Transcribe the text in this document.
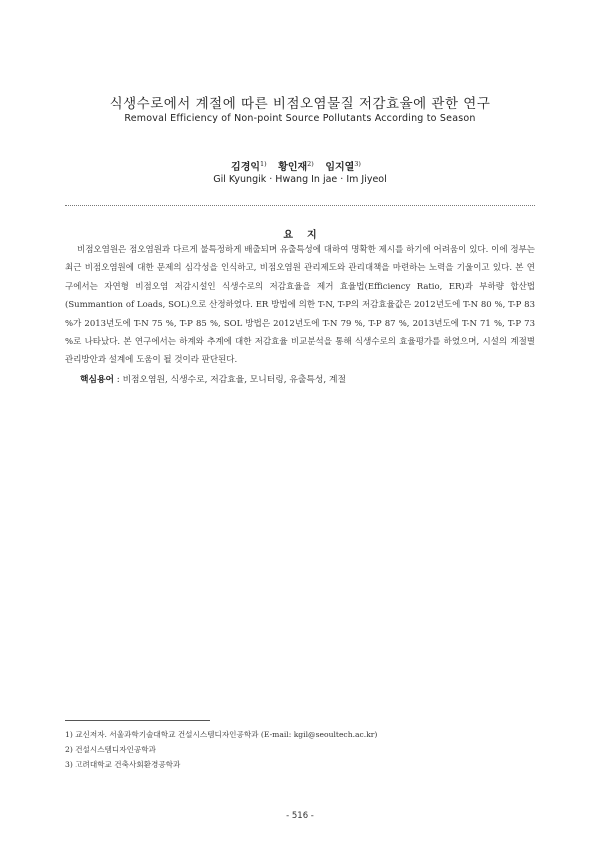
식생수로에서 계절에 따른 비점오염물질 저감효율에 관한 연구
Removal Efficiency of Non-point Source Pollutants According to Season
김경익$^{1)}$ 황인재$^{2)}$ 임지열$^{3)}$
Gil Kyungik · Hwang In jae · Im Jiyeol
요지

비점오염원은 점오염원과 다르게 불특정하게 배출되며 유출특성에 대하여 명확한 제시를 하기에 어려움이 있다. 이에 정부는 최근 비점오염원에 대한 문제의 심각성을 인식하고, 비점오염원 관리제도와 관리대책을 마련하는 노력을 기울이고 있다. 본 연구에서는 자연형 비점오염 저감시설인 식생수로의 저감효율을 제거 효율법(Efficiency Ratio, ER)과 부하량 합산법(Summantion of Loads, SOL)으로 산정하였다. ER 방법에 의한 T-N, T-P의 저감효율값은 2012년도에 T-N 80 %, T-P 83 %가 2013년도에 T-N 75 %, T-P 85 %, SOL 방법은 2012년도에 T-N 79 %, T-P 87 %, 2013년도에 T-N 71 %, T-P 73 %로 나타났다. 본 연구에서는 하계와 추계에 대한 저감효율 비교분석을 통해 식생수로의 효율평가를 하였으며, 시설의 계절별 관리방안과 설계에 도움이 될 것이라 판단된다.

핵심용어 : 비점오염원, 식생수로, 저감효율, 모니터링, 유출특성, 계절
1) 교신저자. 서울과학기술대학교 건설시스템디자인공학과 (E-mail: kgil@seoultech.ac.kr)
2) 건설시스템디자인공학과
3) 고려대학교 건축사회환경공학과
- 516 -
